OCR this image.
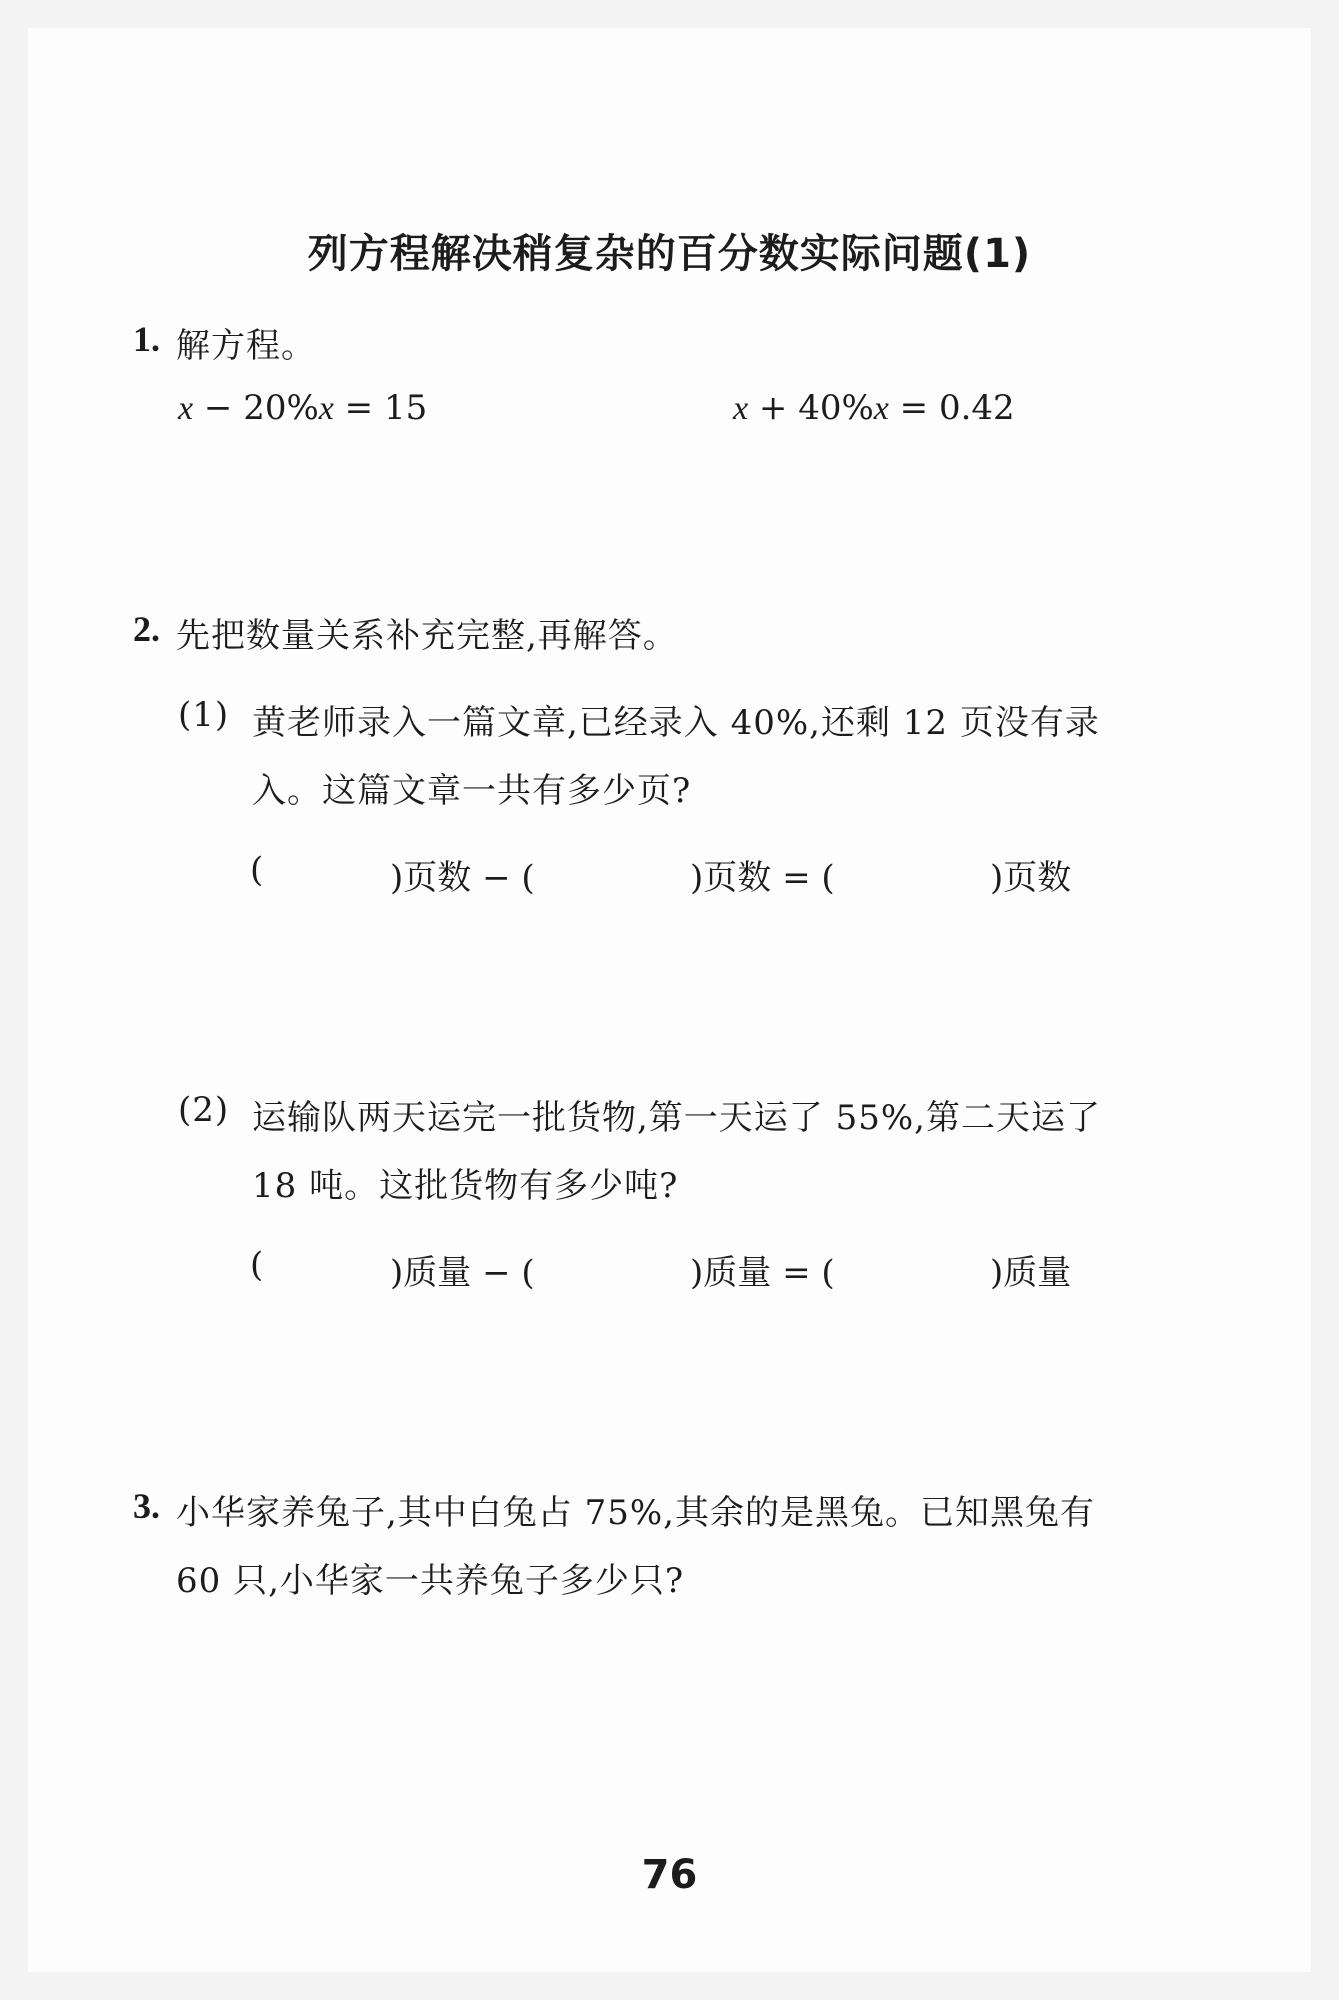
列方程解决稍复杂的百分数实际问题(1)
1. 解方程。
x − 20%x = 15	x + 40%x = 0.42
2. 先把数量关系补充完整,再解答。
(1) 黄老师录入一篇文章,已经录入 40%,还剩 12 页没有录
入。这篇文章一共有多少页?
(	)页数 − (	)页数 = (	)页数
(2) 运输队两天运完一批货物,第一天运了 55%,第二天运了
18 吨。这批货物有多少吨?
(	)质量 − (	)质量 = (	)质量
3. 小华家养兔子,其中白兔占 75%,其余的是黑兔。已知黑兔有
60 只,小华家一共养兔子多少只?
76
